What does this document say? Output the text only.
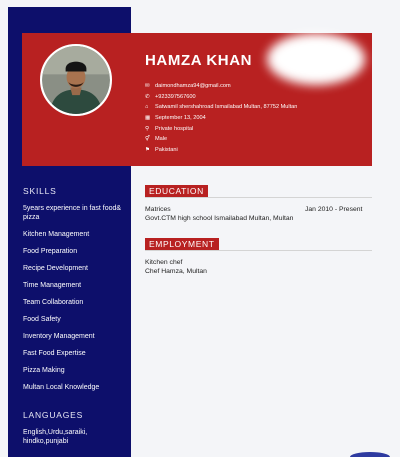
HAMZA KHAN
✉ daimondhamza94@gmail.com
✆ +923397567600
⌂	Satwamil shershahroad Ismailabad Multan, 87752 Multan
▦ September 13, 2004
⚲	Private hospital
⚥ Male
⚑ Pakistani
SKILLS
5years experience in fast food& pizza
Kitchen Management
Food Preparation
Recipe Development
Time Management
Team Collaboration
Food Safety
Inventory Management
Fast Food Expertise
Pizza Making
Multan Local Knowledge
LANGUAGES
English,Urdu,saraiki, hindko,punjabi
EDUCATION
Matrices	Jan 2010 - Present
Govt.CTM high school Ismailabad Multan, Multan
EMPLOYMENT
Kitchen chef
Chef Hamza, Multan
